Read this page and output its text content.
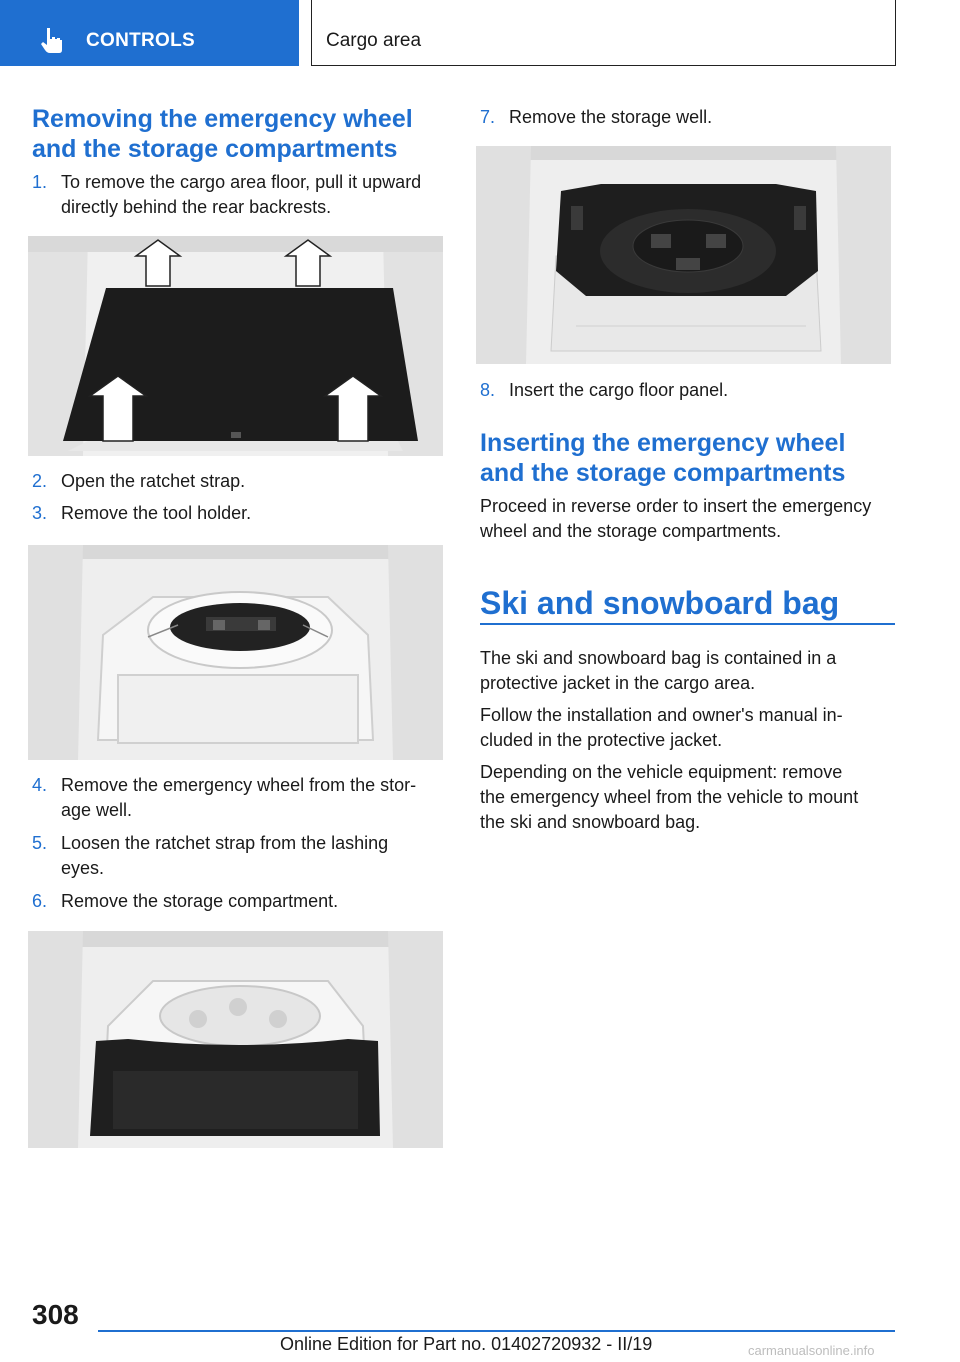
CONTROLS	Cargo area
Removing the emergency wheel
and the storage compartments
1. To remove the cargo area floor, pull it upward
directly behind the rear backrests.
2. Open the ratchet strap.
3. Remove the tool holder.
4. Remove the emergency wheel from the stor‐
age well.
5. Loosen the ratchet strap from the lashing
eyes.
6. Remove the storage compartment.
7. Remove the storage well.
8. Insert the cargo floor panel.
Inserting the emergency wheel
and the storage compartments
Proceed in reverse order to insert the emergency
wheel and the storage compartments.
Ski and snowboard bag
The ski and snowboard bag is contained in a
protective jacket in the cargo area.
Follow the installation and owner's manual in‐
cluded in the protective jacket.
Depending on the vehicle equipment: remove
the emergency wheel from the vehicle to mount
the ski and snowboard bag.
308
Online Edition for Part no. 01402720932 - II/19	carmanualsonline.info
